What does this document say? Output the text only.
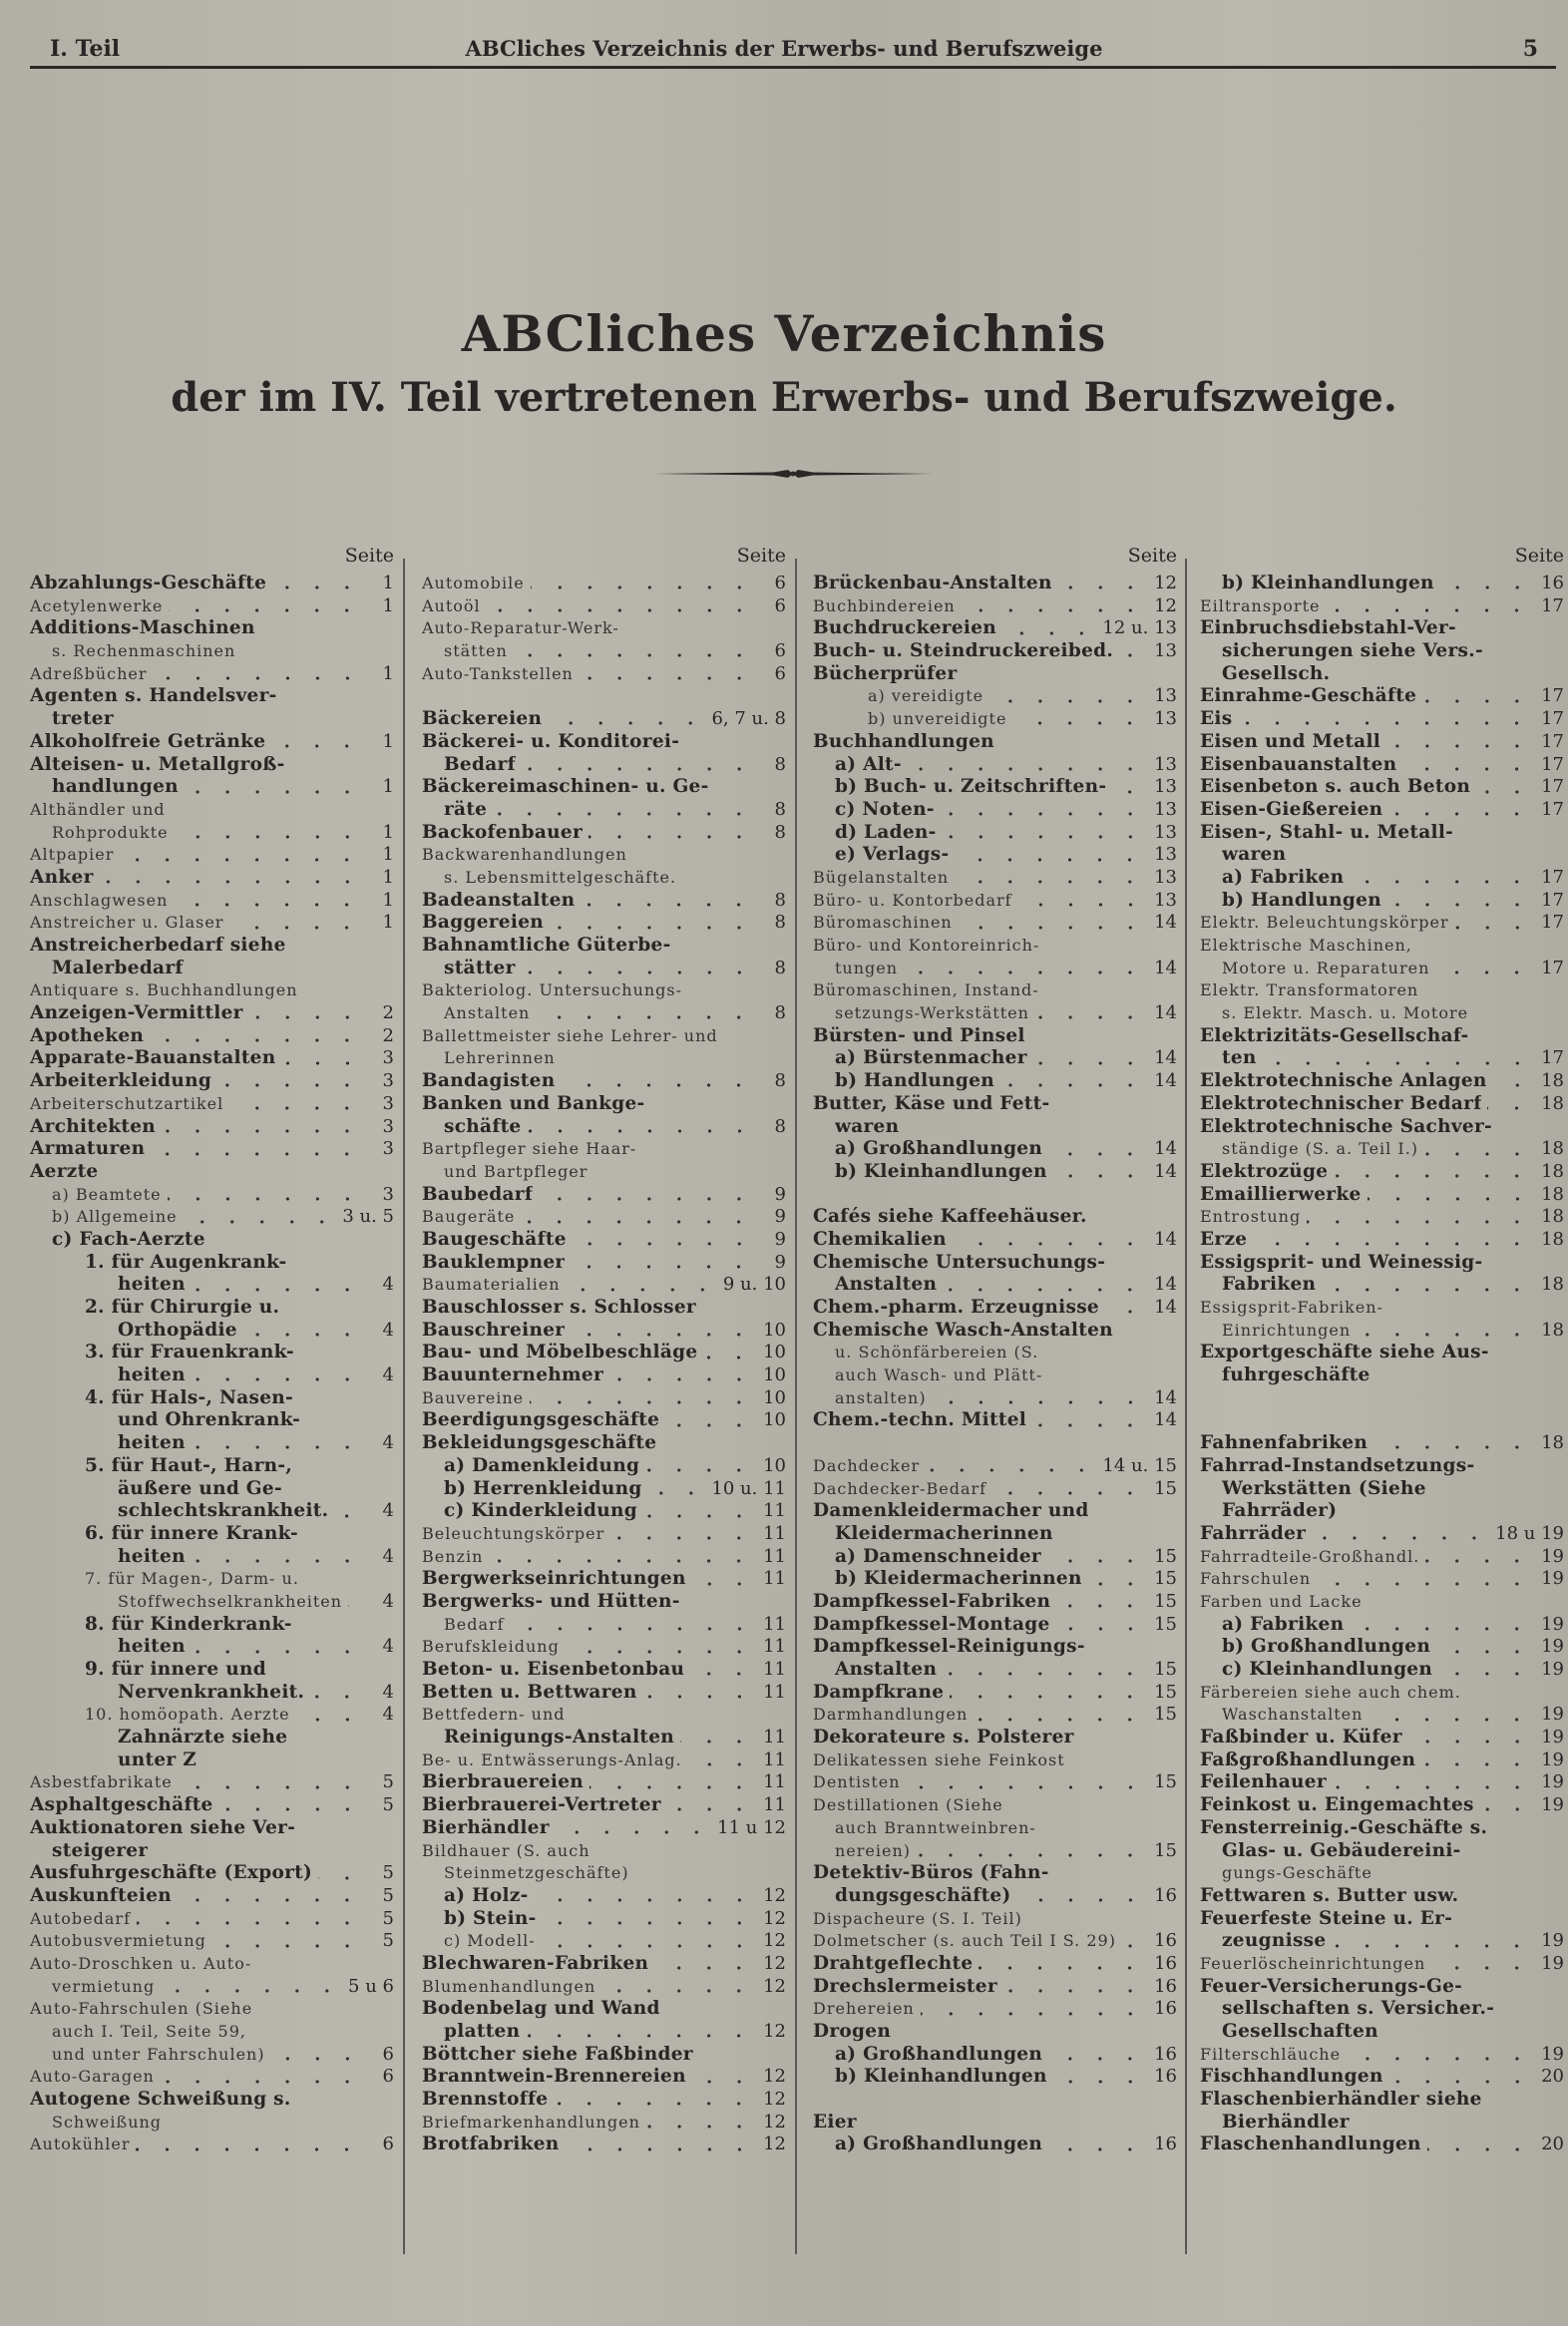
I. Teil	ABCliches Verzeichnis der Erwerbs- und Berufszweige	5
ABCliches Verzeichnis
der im IV. Teil vertretenen Erwerbs- und Berufszweige.
Seite
Abzahlungs-Geschäfte	1
Acetylenwerke	1
Additions-Maschinen
s. Rechenmaschinen
Adreßbücher	1
Agenten s. Handelsver-
treter
Alkoholfreie Getränke	1
Alteisen- u. Metallgroß-
handlungen	1
Althändler und
Rohprodukte	1
Altpapier	1
Anker	1
Anschlagwesen	1
Anstreicher u. Glaser	1
Anstreicherbedarf siehe
Malerbedarf
Antiquare s. Buchhandlungen
Anzeigen-Vermittler	2
Apotheken	2
Apparate-Bauanstalten	3
Arbeiterkleidung	3
Arbeiterschutzartikel	3
Architekten	3
Armaturen	3
Aerzte
a) Beamtete	3
b) Allgemeine	3 u. 5
c) Fach-Aerzte
1. für Augenkrank-
heiten	4
2. für Chirurgie u.
Orthopädie	4
3. für Frauenkrank-
heiten	4
4. für Hals-, Nasen-
und Ohrenkrank-
heiten	4
5. für Haut-, Harn-,
äußere und Ge-
schlechtskrankheit.	4
6. für innere Krank-
heiten	4
7. für Magen-, Darm- u.
Stoffwechselkrankheiten	4
8. für Kinderkrank-
heiten	4
9. für innere und
Nervenkrankheit.	4
10. homöopath. Aerzte	4
Zahnärzte siehe
unter Z
Asbestfabrikate	5
Asphaltgeschäfte	5
Auktionatoren siehe Ver-
steigerer
Ausfuhrgeschäfte (Export)	5
Auskunfteien	5
Autobedarf	5
Autobusvermietung	5
Auto-Droschken u. Auto-
vermietung	5 u 6
Auto-Fahrschulen (Siehe
auch I. Teil, Seite 59,
und unter Fahrschulen)	6
Auto-Garagen	6
Autogene Schweißung s.
Schweißung
Autokühler	6
Seite
Automobile	6
Autoöl	6
Auto-Reparatur-Werk-
stätten	6
Auto-Tankstellen	6
Bäckereien	6, 7 u. 8
Bäckerei- u. Konditorei-
Bedarf	8
Bäckereimaschinen- u. Ge-
räte	8
Backofenbauer	8
Backwarenhandlungen
s. Lebensmittelgeschäfte.
Badeanstalten	8
Baggereien	8
Bahnamtliche Güterbe-
stätter	8
Bakteriolog. Untersuchungs-
Anstalten	8
Ballettmeister siehe Lehrer- und
Lehrerinnen
Bandagisten	8
Banken und Bankge-
schäfte	8
Bartpfleger siehe Haar-
und Bartpfleger
Baubedarf	9
Baugeräte	9
Baugeschäfte	9
Bauklempner	9
Baumaterialien	9 u. 10
Bauschlosser s. Schlosser
Bauschreiner	10
Bau- und Möbelbeschläge	10
Bauunternehmer	10
Bauvereine	10
Beerdigungsgeschäfte	10
Bekleidungsgeschäfte
a) Damenkleidung	10
b) Herrenkleidung	10 u. 11
c) Kinderkleidung	11
Beleuchtungskörper	11
Benzin	11
Bergwerkseinrichtungen	11
Bergwerks- und Hütten-
Bedarf	11
Berufskleidung	11
Beton- u. Eisenbetonbau	11
Betten u. Bettwaren	11
Bettfedern- und
Reinigungs-Anstalten	11
Be- u. Entwässerungs-Anlag.	11
Bierbrauereien	11
Bierbrauerei-Vertreter	11
Bierhändler	11 u 12
Bildhauer (S. auch
Steinmetzgeschäfte)
a) Holz-	12
b) Stein-	12
c) Modell-	12
Blechwaren-Fabriken	12
Blumenhandlungen	12
Bodenbelag und Wand
platten	12
Böttcher siehe Faßbinder
Branntwein-Brennereien	12
Brennstoffe	12
Briefmarkenhandlungen	12
Brotfabriken	12
Seite
Brückenbau-Anstalten	12
Buchbindereien	12
Buchdruckereien	12 u. 13
Buch- u. Steindruckereibed. 13
Bücherprüfer
a) vereidigte	13
b) unvereidigte	13
Buchhandlungen
a) Alt-	13
b) Buch- u. Zeitschriften-	13
c) Noten-	13
d) Laden-	13
e) Verlags-	13
Bügelanstalten	13
Büro- u. Kontorbedarf	13
Büromaschinen	14
Büro- und Kontoreinrich-
tungen	14
Büromaschinen, Instand-
setzungs-Werkstätten	14
Bürsten- und Pinsel
a) Bürstenmacher	14
b) Handlungen	14
Butter, Käse und Fett-
waren
a) Großhandlungen	14
b) Kleinhandlungen	14
Cafés siehe Kaffeehäuser.
Chemikalien	14
Chemische Untersuchungs-
Anstalten	14
Chem.-pharm. Erzeugnisse	14
Chemische Wasch-Anstalten
u. Schönfärbereien (S.
auch Wasch- und Plätt-
anstalten)	14
Chem.-techn. Mittel	14
Dachdecker	14 u. 15
Dachdecker-Bedarf	15
Damenkleidermacher und
Kleidermacherinnen
a) Damenschneider	15
b) Kleidermacherinnen	15
Dampfkessel-Fabriken	15
Dampfkessel-Montage	15
Dampfkessel-Reinigungs-
Anstalten	15
Dampfkrane	15
Darmhandlungen	15
Dekorateure s. Polsterer
Delikatessen siehe Feinkost
Dentisten	15
Destillationen (Siehe
auch Branntweinbren-
nereien)	15
Detektiv-Büros (Fahn-
dungsgeschäfte)	16
Dispacheure (S. I. Teil)
Dolmetscher (s. auch Teil I S. 29) 16
Drahtgeflechte	16
Drechslermeister	16
Drehereien	16
Drogen
a) Großhandlungen	16
b) Kleinhandlungen	16
Eier
a) Großhandlungen	16
Seite
b) Kleinhandlungen	16
Eiltransporte	17
Einbruchsdiebstahl-Ver-
sicherungen siehe Vers.-
Gesellsch.
Einrahme-Geschäfte	17
Eis	17
Eisen und Metall	17
Eisenbauanstalten	17
Eisenbeton s. auch Beton	17
Eisen-Gießereien	17
Eisen-, Stahl- u. Metall-
waren
a) Fabriken	17
b) Handlungen	17
Elektr. Beleuchtungskörper	17
Elektrische Maschinen,
Motore u. Reparaturen	17
Elektr. Transformatoren
s. Elektr. Masch. u. Motore
Elektrizitäts-Gesellschaf-
ten	17
Elektrotechnische Anlagen	18
Elektrotechnischer Bedarf	18
Elektrotechnische Sachver-
ständige (S. a. Teil I.)	18
Elektrozüge	18
Emaillierwerke	18
Entrostung	18
Erze	18
Essigsprit- und Weinessig-
Fabriken	18
Essigsprit-Fabriken-
Einrichtungen	18
Exportgeschäfte siehe Aus-
fuhrgeschäfte
Fahnenfabriken	18
Fahrrad-Instandsetzungs-
Werkstätten (Siehe
Fahrräder)
Fahrräder	18 u 19
Fahrradteile-Großhandl.	19
Fahrschulen	19
Farben und Lacke
a) Fabriken	19
b) Großhandlungen	19
c) Kleinhandlungen	19
Färbereien siehe auch chem.
Waschanstalten	19
Faßbinder u. Küfer	19
Faßgroßhandlungen	19
Feilenhauer	19
Feinkost u. Eingemachtes	19
Fensterreinig.-Geschäfte s.
Glas- u. Gebäudereini-
gungs-Geschäfte
Fettwaren s. Butter usw.
Feuerfeste Steine u. Er-
zeugnisse	19
Feuerlöscheinrichtungen	19
Feuer-Versicherungs-Ge-
sellschaften s. Versicher.-
Gesellschaften
Filterschläuche	19
Fischhandlungen	20
Flaschenbierhändler siehe
Bierhändler
Flaschenhandlungen	20
